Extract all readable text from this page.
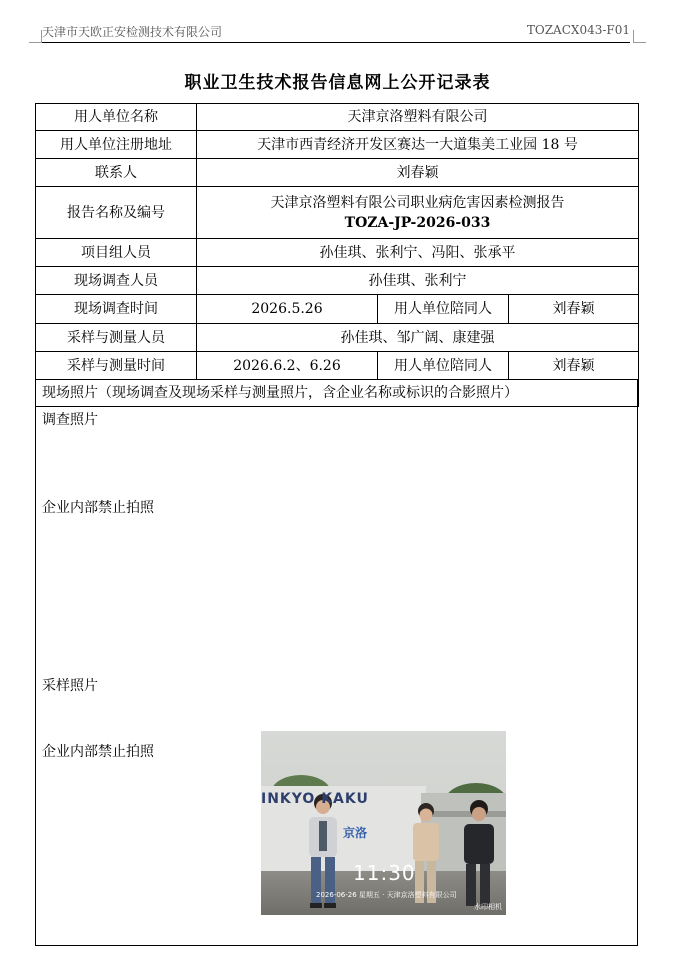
天津市天欧正安检测技术有限公司	TOZACX043-F01
职业卫生技术报告信息网上公开记录表
用人单位名称	天津京洛塑料有限公司		
用人单位注册地址	天津市西青经济开发区赛达一大道集美工业园 18 号		
联系人	刘春颖		
报告名称及编号	天津京洛塑料有限公司职业病危害因素检测报告
TOZA-JP-2026-033		

项目组人员	孙佳琪、张利宁、冯阳、张承平		
现场调查人员	孙佳琪、张利宁		
现场调查时间	2026.5.26	用人单位陪同人	刘春颖
采样与测量人员	孙佳琪、邹广阔、康建强		
采样与测量时间	2026.6.2、6.26	用人单位陪同人	刘春颖
现场照片（现场调查及现场采样与测量照片，含企业名称或标识的合影照片）			
调查照片
企业内部禁止拍照
采样照片
企业内部禁止拍照
INKYO KAKU
京洛
11:30
2026-06-26 星期五 · 天津京洛塑料有限公司
水印相机
